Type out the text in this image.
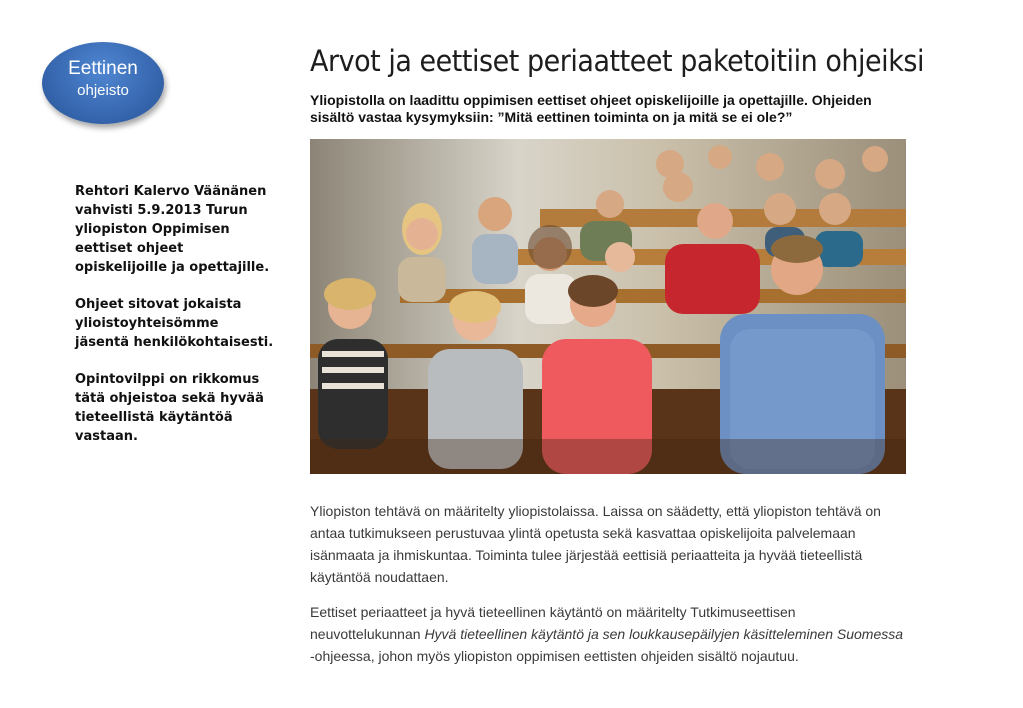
Eettinen
ohjeisto

Rehtori Kalervo Väänänen vahvisti 5.9.2013 Turun yliopiston Oppimisen eettiset ohjeet opiskelijoille ja opettajille.

Ohjeet sitovat jokaista ylioistoyhteisömme jäsentä henkilökohtaisesti.

Opintovilppi on rikkomus tätä ohjeistoa sekä hyvää tieteellistä käytäntöä vastaan.

Arvot ja eettiset periaatteet paketoitiin ohjeiksi

Yliopistolla on laadittu oppimisen eettiset ohjeet opiskelijoille ja opettajille. Ohjeiden sisältö vastaa kysymyksiin: ”Mitä eettinen toiminta on ja mitä se ei ole?”

Yliopiston tehtävä on määritelty yliopistolaissa. Laissa on säädetty, että yliopiston tehtävä on antaa tutkimukseen perustuvaa ylintä opetusta sekä kasvattaa opiskelijoita palvelemaan isänmaata ja ihmiskuntaa. Toiminta tulee järjestää eettisiä periaatteita ja hyvää tieteellistä käytäntöä noudattaen.

Eettiset periaatteet ja hyvä tieteellinen käytäntö on määritelty Tutkimuseettisen neuvottelukunnan Hyvä tieteellinen käytäntö ja sen loukkausepäilyjen käsitteleminen Suomessa -ohjeessa, johon myös yliopiston oppimisen eettisten ohjeiden sisältö nojautuu.
